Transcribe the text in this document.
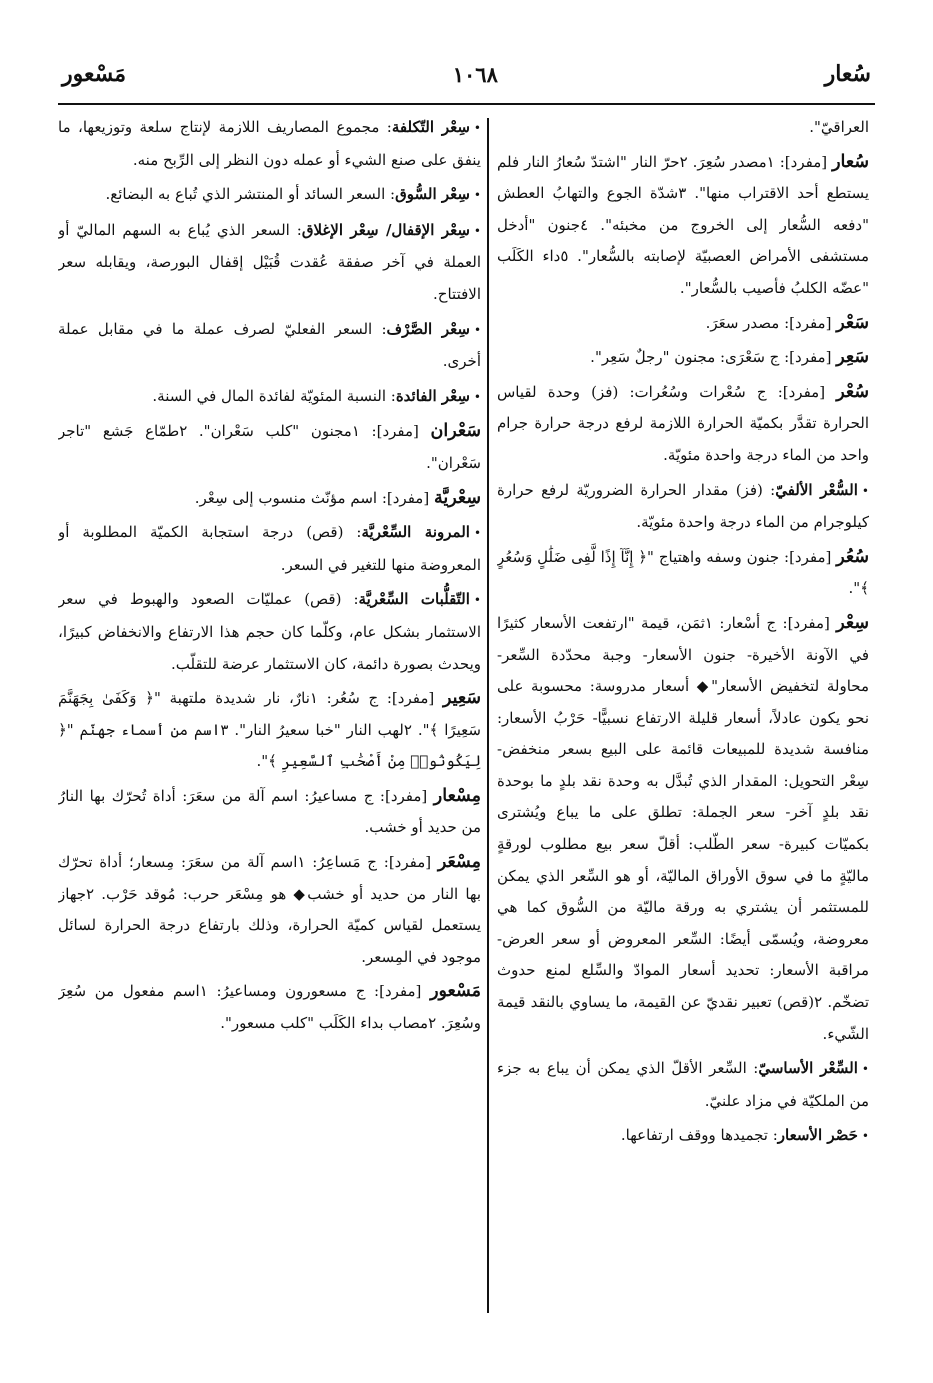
مَسْعور	١٠٦٨	سُعار

العراقيّ".

سُعار [مفرد]: ١مصدر سُعِرَ. ٢حرّ النار "اشتدّ سُعارُ النار فلم يستطع أحد الاقتراب منها". ٣شدّة الجوع والتهابُ العطش "دفعه السُّعار إلى الخروج من مخبئه". ٤جنون "أدخل مستشفى الأمراض العصبيّة لإصابته بالسُّعار". ٥داء الكَلَب "عضّه الكلبُ فأصيب بالسُّعار".

سَعْر [مفرد]: مصدر سعَرَ.

سَعِر [مفرد]: ج سَعْرَى: مجنون "رجلٌ سَعِر".

سُعْر [مفرد]: ج سُعْرات وسُعُرات: (فز) وحدة لقياس الحرارة تقدَّر بكميّة الحرارة اللازمة لرفع درجة حرارة جرام واحد من الماء درجة واحدة مئويّة.

•السُّعْر الألفيّ: (فز) مقدار الحرارة الضروريّة لرفع حرارة كيلوجرام من الماء درجة واحدة مئويّة.

سُعُر [مفرد]: جنون وسفه واهتياج "﴿ إِنَّآ إِذًا لَّفِى ضَلَٰلٍ وَسُعُرٍ ﴾".

سِعْر [مفرد]: ج أسْعار: ١ثمَن، قيمة "ارتفعت الأسعار كثيرًا في الآونة الأخيرة- جنون الأسعار- وجبة محدّدة السِّعر- محاولة لتخفيض الأسعار"◆ أسعار مدروسة: محسوبة على نحو يكون عادلاً، أسعار قليلة الارتفاع نسبيًّا- حَرْبُ الأسعار: منافسة شديدة للمبيعات قائمة على البيع بسعر منخفض- سِعْر التحويل: المقدار الذي تُبدَّل به وحدة نقد بلدٍ ما بوحدة نقد بلدٍ آخر- سعر الجملة: تطلق على ما يباع ويُشترى بكميّات كبيرة- سعر الطّلب: أقلّ سعر بيع مطلوب لورقةٍ ماليّةٍ ما في سوق الأوراق الماليّة، أو هو السِّعر الذي يمكن للمستثمر أن يشتري به ورقة ماليّة من السُّوق كما هي معروضة، ويُسمّى أيضًا: السِّعر المعروض أو سعر العرض- مراقبة الأسعار: تحديد أسعار الموادّ والسِّلع لمنع حدوث تضخّم. ٢(قص) تعبير نقديّ عن القيمة، ما يساوي بالنقد قيمة الشّيء.

•السِّعْر الأساسيّ: السِّعر الأقلّ الذي يمكن أن يباع به جزء من الملكيّة في مزاد علنيّ.

•حَصْر الأسعار: تجميدها ووقف ارتفاعها.

•سِعْر التّكلفة: مجموع المصاريف اللازمة لإنتاج سلعة وتوزيعها، ما ينفق على صنع الشيء أو عمله دون النظر إلى الرِّبح منه.

•سِعْر السُّوق: السعر السائد أو المنتشر الذي تُباع به البضائع.

•سِعْر الإقفال/ سِعْر الإغلاق: السعر الذي يُباع به السهم الماليّ أو العملة في آخر صفقة عُقدت قُبَيْل إقفال البورصة، ويقابله سعر الافتتاح.

•سِعْر الصَّرْف: السعر الفعليّ لصرف عملة ما في مقابل عملة أخرى.

•سِعْر الفائدة: النسبة المئويّة لفائدة المال في السنة.

سَعْران [مفرد]: ١مجنون "كلب سَعْران". ٢طمّاع جَشع "تاجر سَعْران".

سِعْريَّة [مفرد]: اسم مؤنّث منسوب إلى سِعْر.

•المرونة السِّعْريَّة: (قص) درجة استجابة الكميّة المطلوبة أو المعروضة منها للتغير في السعر.

•التّقلُّبات السِّعْريَّة: (قص) عمليّات الصعود والهبوط في سعر الاستثمار بشكل عام، وكلّما كان حجم هذا الارتفاع والانخفاض كبيرًا، ويحدث بصورة دائمة، كان الاستثمار عرضة للتقلّب.

سَعِير [مفرد]: ج سُعُر: ١نارٌ، نار شديدة ملتهبة "﴿ وَكَفَىٰ بِجَهَنَّمَ سَعِيرًا ﴾". ٢لهب النار "خبا سعيرُ النار". ٣اسم من أسماء جهنّم "﴿ لِيَكُونُوا۟ مِنْ أَصْحَٰبِ ٱلسَّعِيرِ ﴾".

مِسْعار [مفرد]: ج مساعيرُ: اسم آلة من سعَرَ: أداة تُحرّك بها النارُ من حديد أو خشب.

مِسْعَر [مفرد]: ج مَساعِرُ: ١اسم آلة من سعَرَ: مِسعار؛ أداة تحرّك بها النار من حديد أو خشب◆ هو مِسْعَر حرب: مُوقد حَرْب. ٢جهاز يستعمل لقياس كميّة الحرارة، وذلك بارتفاع درجة الحرارة لسائل موجود في المِسعر.

مَسْعور [مفرد]: ج مسعورون ومساعيرُ: ١اسم مفعول من سُعِرَ وسُعِرَ. ٢مصاب بداء الكَلَب "كلب مسعور".
